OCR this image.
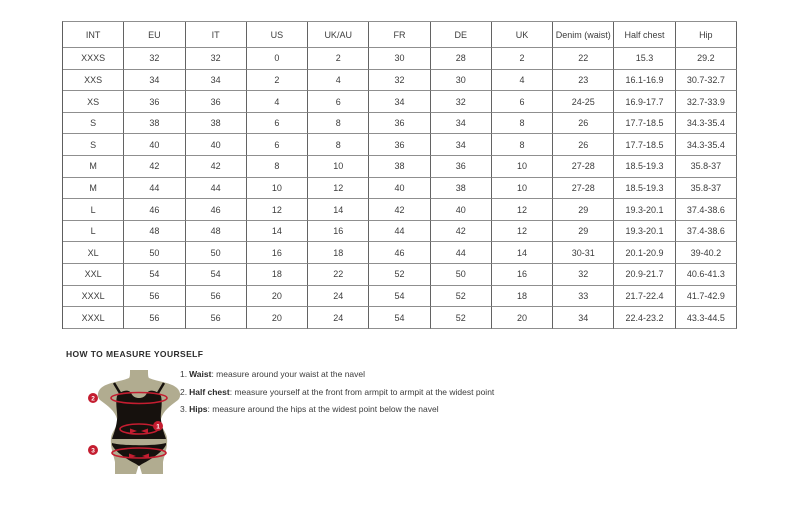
INT	EU	IT	US	UK/AU	FR	DE	UK	Denim (waist)	Half chest	Hip
XXXS	32	32	0	2	30	28	2	22	15.3	29.2
XXS	34	34	2	4	32	30	4	23	16.1-16.9	30.7-32.7
XS	36	36	4	6	34	32	6	24-25	16.9-17.7	32.7-33.9
S	38	38	6	8	36	34	8	26	17.7-18.5	34.3-35.4
S	40	40	6	8	36	34	8	26	17.7-18.5	34.3-35.4
M	42	42	8	10	38	36	10	27-28	18.5-19.3	35.8-37
M	44	44	10	12	40	38	10	27-28	18.5-19.3	35.8-37
L	46	46	12	14	42	40	12	29	19.3-20.1	37.4-38.6
L	48	48	14	16	44	42	12	29	19.3-20.1	37.4-38.6
XL	50	50	16	18	46	44	14	30-31	20.1-20.9	39-40.2
XXL	54	54	18	22	52	50	16	32	20.9-21.7	40.6-41.3
XXXL	56	56	20	24	54	52	18	33	21.7-22.4	41.7-42.9
XXXL	56	56	20	24	54	52	20	34	22.4-23.2	43.3-44.5
HOW TO MEASURE YOURSELF
2
1
3
1. Waist: measure around your waist at the navel
2. Half chest: measure yourself at the front from armpit to armpit at the widest point
3. Hips: measure around the hips at the widest point below the navel
